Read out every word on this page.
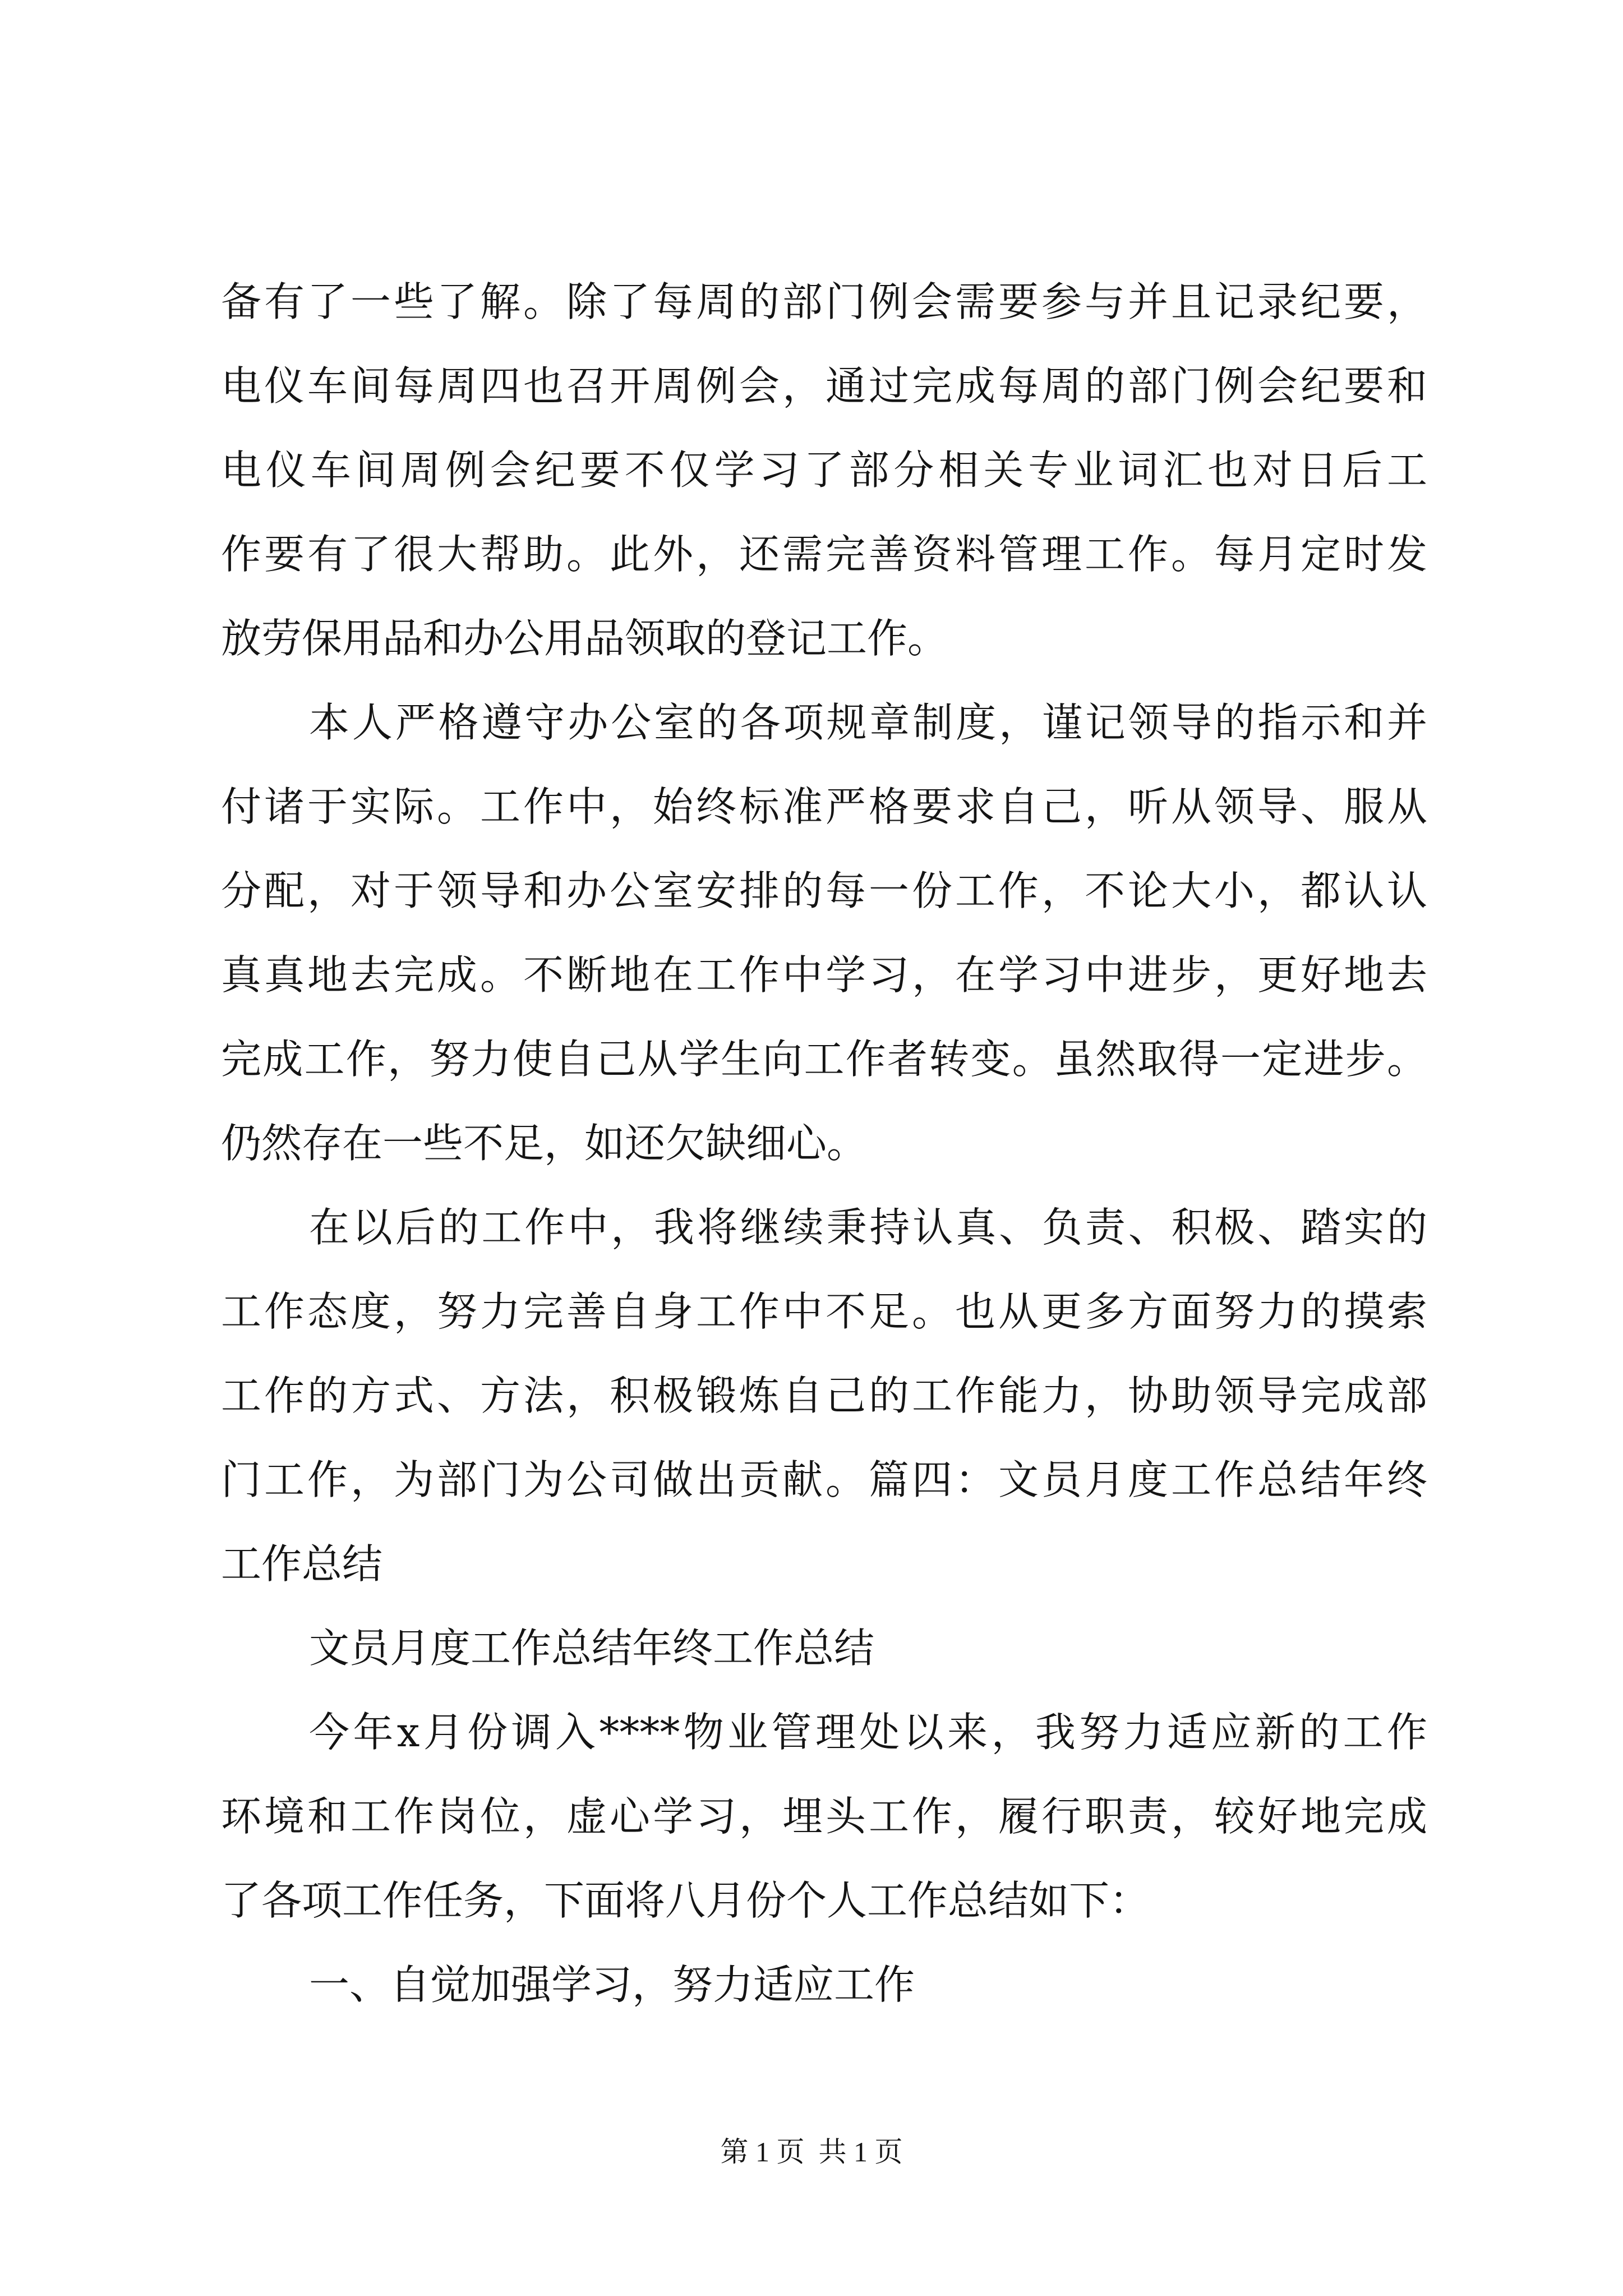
备有了一些了解。除了每周的部门例会需要参与并且记录纪要，
电仪车间每周四也召开周例会，通过完成每周的部门例会纪要和
电仪车间周例会纪要不仅学习了部分相关专业词汇也对日后工
作要有了很大帮助。此外，还需完善资料管理工作。每月定时发
放劳保用品和办公用品领取的登记工作。
本人严格遵守办公室的各项规章制度，谨记领导的指示和并
付诸于实际。工作中，始终标准严格要求自己，听从领导、服从
分配，对于领导和办公室安排的每一份工作，不论大小，都认认
真真地去完成。不断地在工作中学习，在学习中进步，更好地去
完成工作，努力使自己从学生向工作者转变。虽然取得一定进步。
仍然存在一些不足，如还欠缺细心。
在以后的工作中，我将继续秉持认真、负责、积极、踏实的
工作态度，努力完善自身工作中不足。也从更多方面努力的摸索
工作的方式、方法，积极锻炼自己的工作能力，协助领导完成部
门工作，为部门为公司做出贡献。篇四：文员月度工作总结年终
工作总结
文员月度工作总结年终工作总结
今年x月份调入****物业管理处以来，我努力适应新的工作
环境和工作岗位，虚心学习，埋头工作，履行职责，较好地完成
了各项工作任务，下面将八月份个人工作总结如下：
一、自觉加强学习，努力适应工作
第 1 页  共 1 页
